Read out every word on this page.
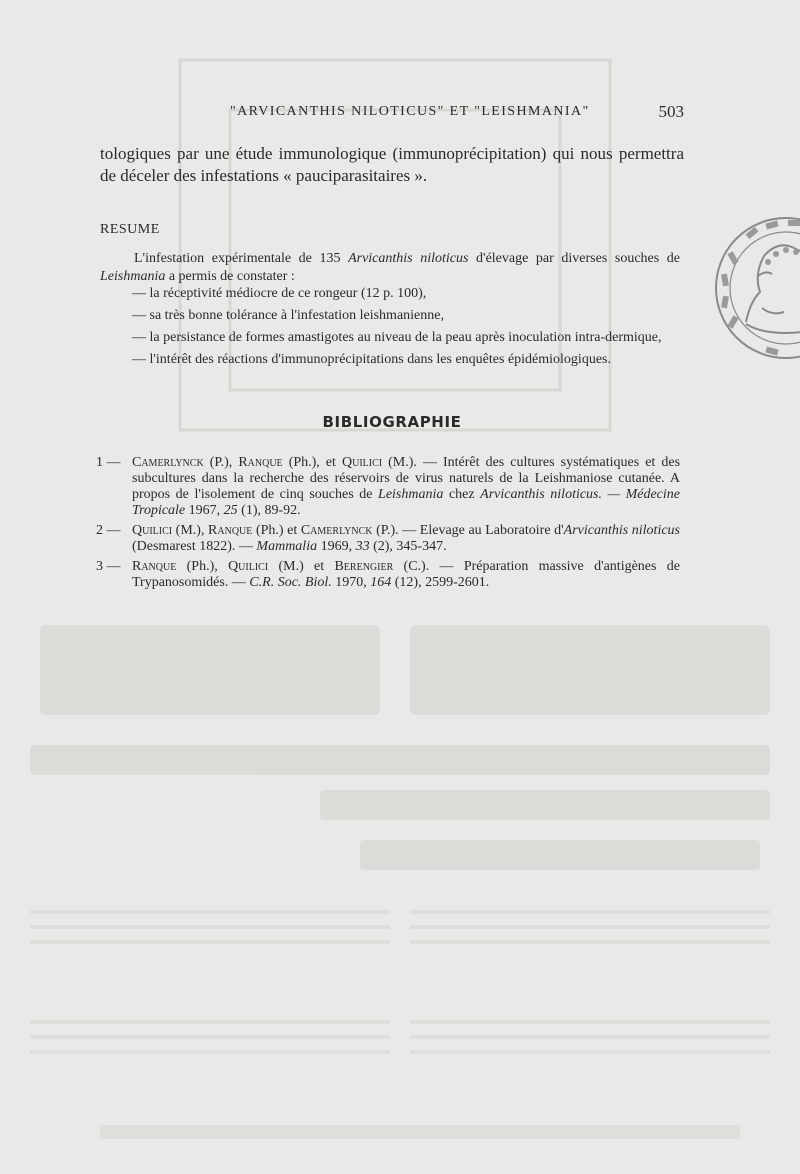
"ARVICANTHIS NILOTICUS" ET "LEISHMANIA"	503

tologiques par une étude immunologique (immunoprécipitation) qui nous permettra de déceler des infestations « pauciparasitaires ».

RESUME

L'infestation expérimentale de 135 Arvicanthis niloticus d'élevage par diverses souches de Leishmania a permis de constater :

— la réceptivité médiocre de ce rongeur (12 p. 100),
— sa très bonne tolérance à l'infestation leishmanienne,
— la persistance de formes amastigotes au niveau de la peau après inoculation intra-dermique,
— l'intérêt des réactions d'immunoprécipitations dans les enquêtes épidémiologiques.
BIBLIOGRAPHIE
1 — Camerlynck (P.), Ranque (Ph.), et Quilici (M.). — Intérêt des cultures systématiques et des subcultures dans la recherche des réservoirs de virus naturels de la Leishmaniose cutanée. A propos de l'isolement de cinq souches de Leishmania chez Arvicanthis niloticus. — Médecine Tropicale 1967, 25 (1), 89-92.
2 — Quilici (M.), Ranque (Ph.) et Camerlynck (P.). — Elevage au Laboratoire d'Arvicanthis niloticus (Desmarest 1822). — Mammalia 1969, 33 (2), 345-347.
3 — Ranque (Ph.), Quilici (M.) et Berengier (C.). — Préparation massive d'antigènes de Trypanosomidés. — C.R. Soc. Biol. 1970, 164 (12), 2599-2601.
